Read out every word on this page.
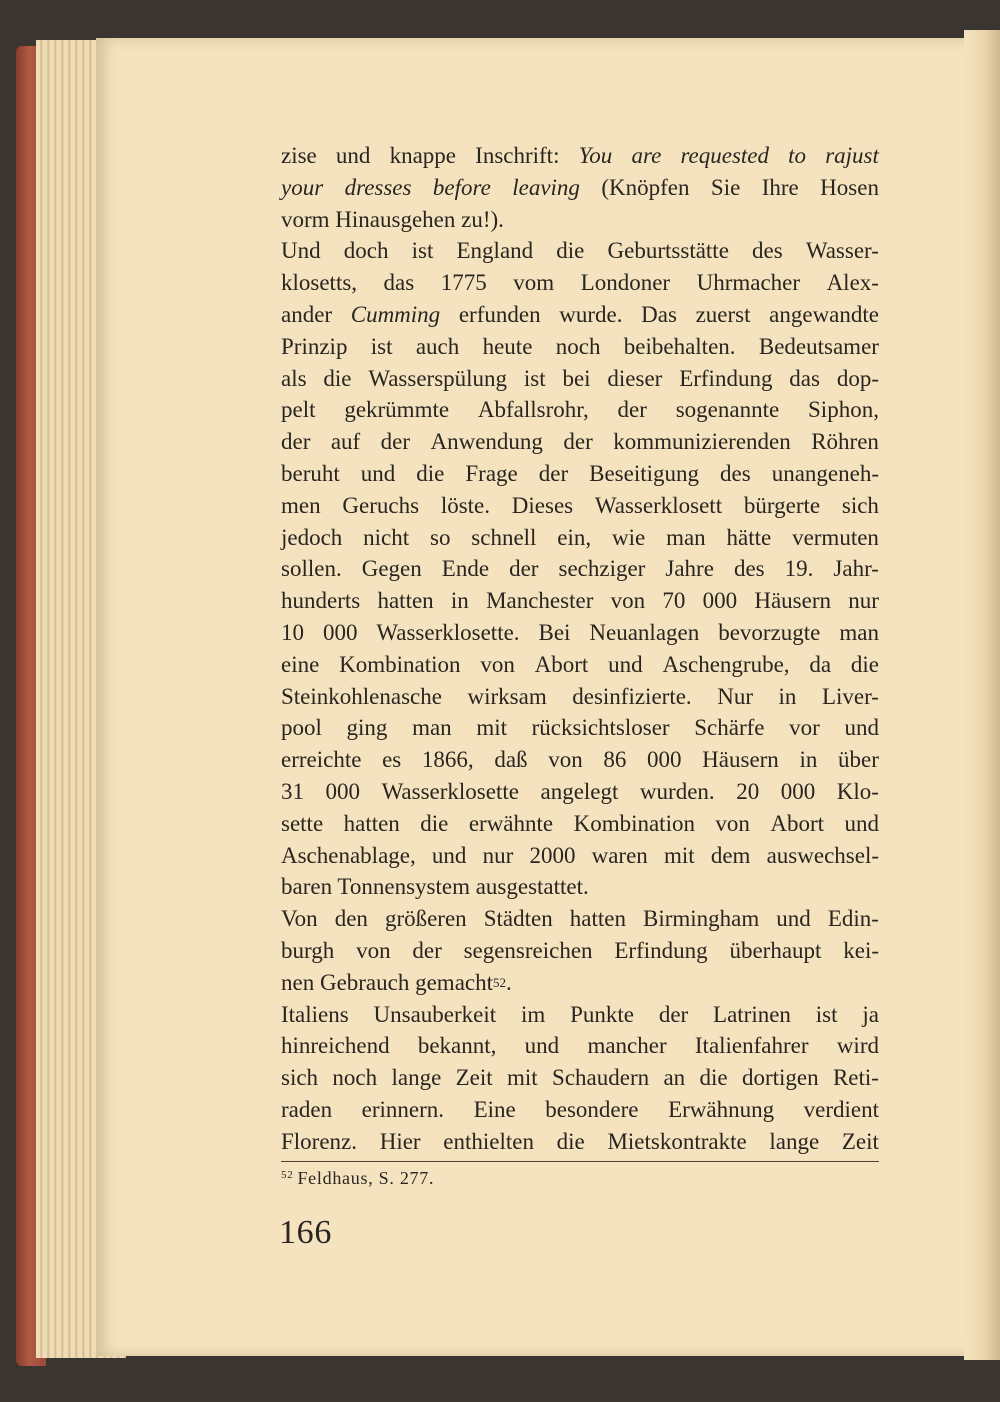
zise und knappe Inschrift: You are requested to rajust
your dresses before leaving (Knöpfen Sie Ihre Hosen
vorm Hinausgehen zu!).
Und doch ist England die Geburtsstätte des Wasser-
klosetts, das 1775 vom Londoner Uhrmacher Alex-
ander Cumming erfunden wurde. Das zuerst angewandte
Prinzip ist auch heute noch beibehalten. Bedeutsamer
als die Wasserspülung ist bei dieser Erfindung das dop-
pelt gekrümmte Abfallsrohr, der sogenannte Siphon,
der auf der Anwendung der kommunizierenden Röhren
beruht und die Frage der Beseitigung des unangeneh-
men Geruchs löste. Dieses Wasserklosett bürgerte sich
jedoch nicht so schnell ein, wie man hätte vermuten
sollen. Gegen Ende der sechziger Jahre des 19. Jahr-
hunderts hatten in Manchester von 70 000 Häusern nur
10 000 Wasserklosette. Bei Neuanlagen bevorzugte man
eine Kombination von Abort und Aschengrube, da die
Steinkohlenasche wirksam desinfizierte. Nur in Liver-
pool ging man mit rücksichtsloser Schärfe vor und
erreichte es 1866, daß von 86 000 Häusern in über
31 000 Wasserklosette angelegt wurden. 20 000 Klo-
sette hatten die erwähnte Kombination von Abort und
Aschenablage, und nur 2000 waren mit dem auswechsel-
baren Tonnensystem ausgestattet.
Von den größeren Städten hatten Birmingham und Edin-
burgh von der segensreichen Erfindung überhaupt kei-
nen Gebrauch gemacht 52 .
Italiens Unsauberkeit im Punkte der Latrinen ist ja
hinreichend bekannt, und mancher Italienfahrer wird
sich noch lange Zeit mit Schaudern an die dortigen Reti-
raden erinnern. Eine besondere Erwähnung verdient
Florenz. Hier enthielten die Mietskontrakte lange Zeit
$^{52}$ Feldhaus, S. 277.
166
